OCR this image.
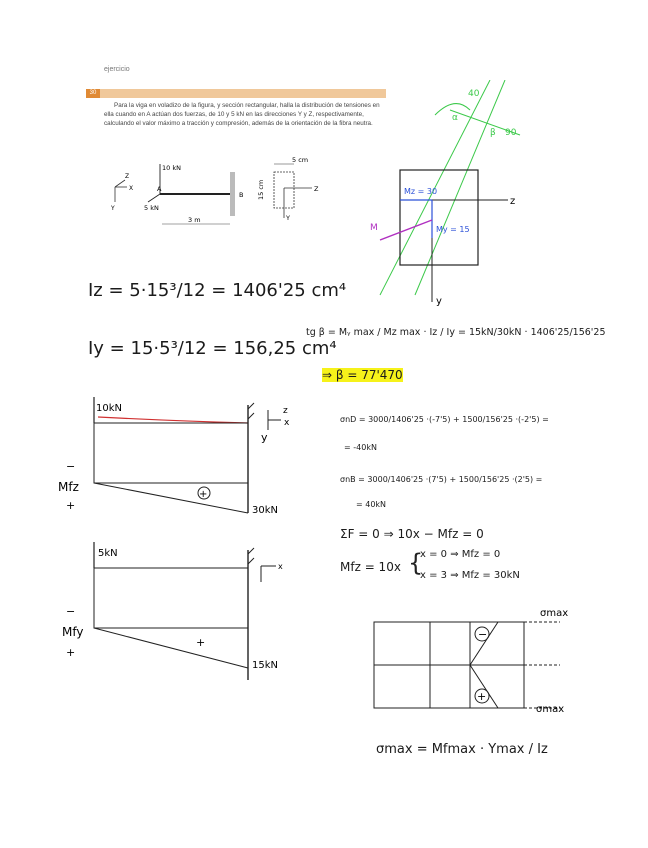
ejercicio
30
Para la viga en voladizo de la figura, y sección rectangular, halla la distribución de tensiones en ella cuando en A actúan dos fuerzas, de 10 y 5 kN en las direcciones Y y Z, respectivamente, calculando el valor máximo a tracción y compresión, además de la orientación de la fibra neutra.
Z
X
Y
10 kN
A
5 kN
B
3 m
5 cm
15 cm	Z
Y
Iz = 5·15³/12 = 1406'25 cm⁴
Iy = 15·5³/12 = 156,25 cm⁴
40
90
α
β
z
y
Mz = 30
My = 15
M
tg β = Mᵧ max / Mz max · Iz / Iy = 15kN/30kN · 1406'25/156'25
⇒ β = 77'470
σnD = 3000/1406'25 ·(-7'5) + 1500/156'25 ·(-2'5) =
= -40kN
σnB = 3000/1406'25 ·(7'5) + 1500/156'25 ·(2'5) =
= 40kN
ΣF = 0 ⇒ 10x − Mfz = 0
Mfz = 10x {
x = 0 ⇒ Mfz = 0
x = 3 ⇒ Mfz = 30kN
10kN	z
x
y
−
Mfz
+
+
30kN
5kN
x
−
Mfy
+
+
15kN
−
+
σmax
σmax
σmax = Mfmax · Ymax / Iz
